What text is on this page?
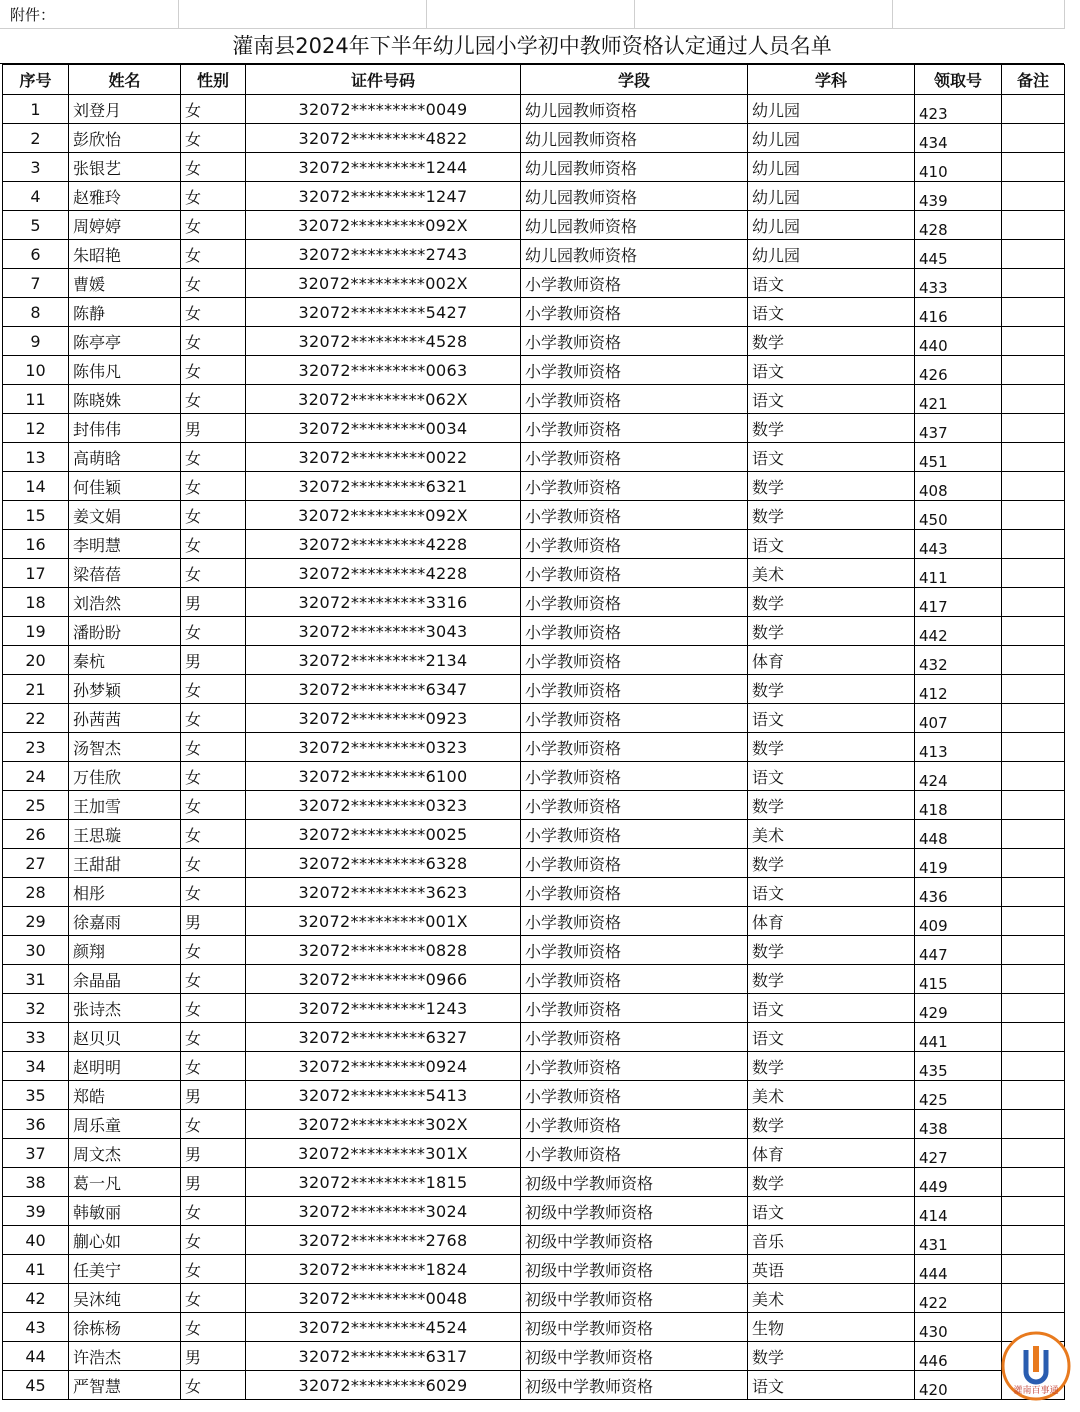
附件：
灌南县2024年下半年幼儿园小学初中教师资格认定通过人员名单
序号	姓名	性别	证件号码	学段	学科	领取号	备注
1	刘登月	女	32072*********0049	幼儿园教师资格	幼儿园	423	
2	彭欣怡	女	32072*********4822	幼儿园教师资格	幼儿园	434	
3	张银艺	女	32072*********1244	幼儿园教师资格	幼儿园	410	
4	赵雅玲	女	32072*********1247	幼儿园教师资格	幼儿园	439	
5	周婷婷	女	32072*********092X	幼儿园教师资格	幼儿园	428	
6	朱昭艳	女	32072*********2743	幼儿园教师资格	幼儿园	445	
7	曹媛	女	32072*********002X	小学教师资格	语文	433	
8	陈静	女	32072*********5427	小学教师资格	语文	416	
9	陈亭亭	女	32072*********4528	小学教师资格	数学	440	
10	陈伟凡	女	32072*********0063	小学教师资格	语文	426	
11	陈晓姝	女	32072*********062X	小学教师资格	语文	421	
12	封伟伟	男	32072*********0034	小学教师资格	数学	437	
13	高萌晗	女	32072*********0022	小学教师资格	语文	451	
14	何佳颖	女	32072*********6321	小学教师资格	数学	408	
15	姜文娟	女	32072*********092X	小学教师资格	数学	450	
16	李明慧	女	32072*********4228	小学教师资格	语文	443	
17	梁蓓蓓	女	32072*********4228	小学教师资格	美术	411	
18	刘浩然	男	32072*********3316	小学教师资格	数学	417	
19	潘盼盼	女	32072*********3043	小学教师资格	数学	442	
20	秦杭	男	32072*********2134	小学教师资格	体育	432	
21	孙梦颖	女	32072*********6347	小学教师资格	数学	412	
22	孙茜茜	女	32072*********0923	小学教师资格	语文	407	
23	汤智杰	女	32072*********0323	小学教师资格	数学	413	
24	万佳欣	女	32072*********6100	小学教师资格	语文	424	
25	王加雪	女	32072*********0323	小学教师资格	数学	418	
26	王思璇	女	32072*********0025	小学教师资格	美术	448	
27	王甜甜	女	32072*********6328	小学教师资格	数学	419	
28	相彤	女	32072*********3623	小学教师资格	语文	436	
29	徐嘉雨	男	32072*********001X	小学教师资格	体育	409	
30	颜翔	女	32072*********0828	小学教师资格	数学	447	
31	余晶晶	女	32072*********0966	小学教师资格	数学	415	
32	张诗杰	女	32072*********1243	小学教师资格	语文	429	
33	赵贝贝	女	32072*********6327	小学教师资格	语文	441	
34	赵明明	女	32072*********0924	小学教师资格	数学	435	
35	郑皓	男	32072*********5413	小学教师资格	美术	425	
36	周乐童	女	32072*********302X	小学教师资格	数学	438	
37	周文杰	男	32072*********301X	小学教师资格	体育	427	
38	葛一凡	男	32072*********1815	初级中学教师资格	数学	449	
39	韩敏丽	女	32072*********3024	初级中学教师资格	语文	414	
40	蒯心如	女	32072*********2768	初级中学教师资格	音乐	431	
41	任美宁	女	32072*********1824	初级中学教师资格	英语	444	
42	吴沐纯	女	32072*********0048	初级中学教师资格	美术	422	
43	徐栋杨	女	32072*********4524	初级中学教师资格	生物	430	
44	许浩杰	男	32072*********6317	初级中学教师资格	数学	446	
45	严智慧	女	32072*********6029	初级中学教师资格	语文	420		灌南百事通
